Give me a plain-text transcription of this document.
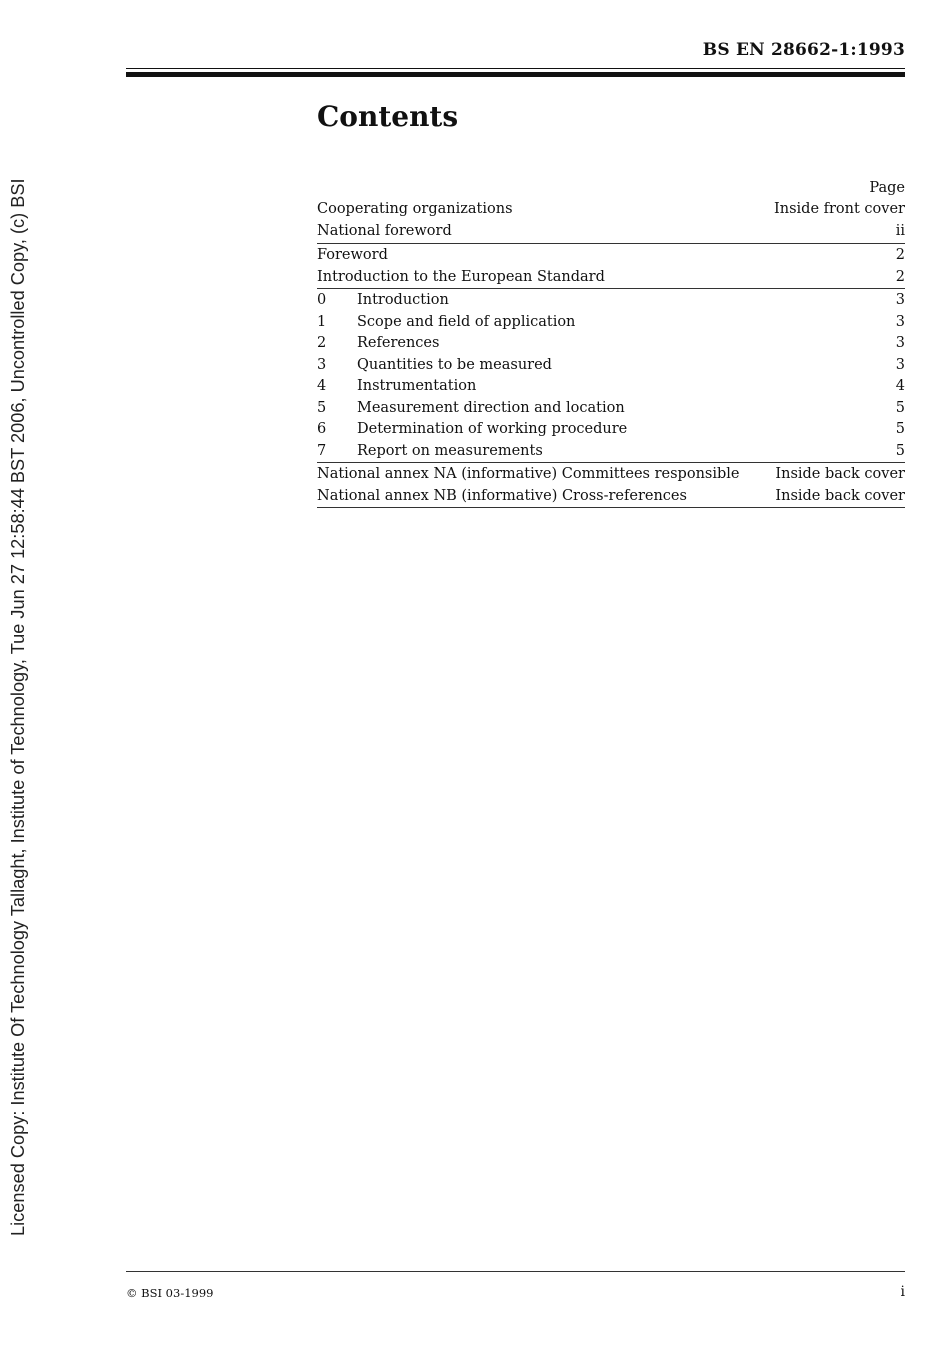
Licensed Copy: Institute Of Technology Tallaght, Institute of Technology, Tue Jun 27 12:58:44 BST 2006, Uncontrolled Copy, (c) BSI
BS EN 28662-1:1993
Contents
Page
Cooperating organizations	Inside front cover
National foreword	ii
Foreword	2
Introduction to the European Standard	2
0 Introduction	3
1 Scope and field of application	3
2 References	3
3 Quantities to be measured	3
4 Instrumentation	4
5 Measurement direction and location	5
6 Determination of working procedure	5
7 Report on measurements	5
National annex NA (informative) Committees responsible Inside back cover
National annex NB (informative) Cross-references	Inside back cover
© BSI 03-1999	i
